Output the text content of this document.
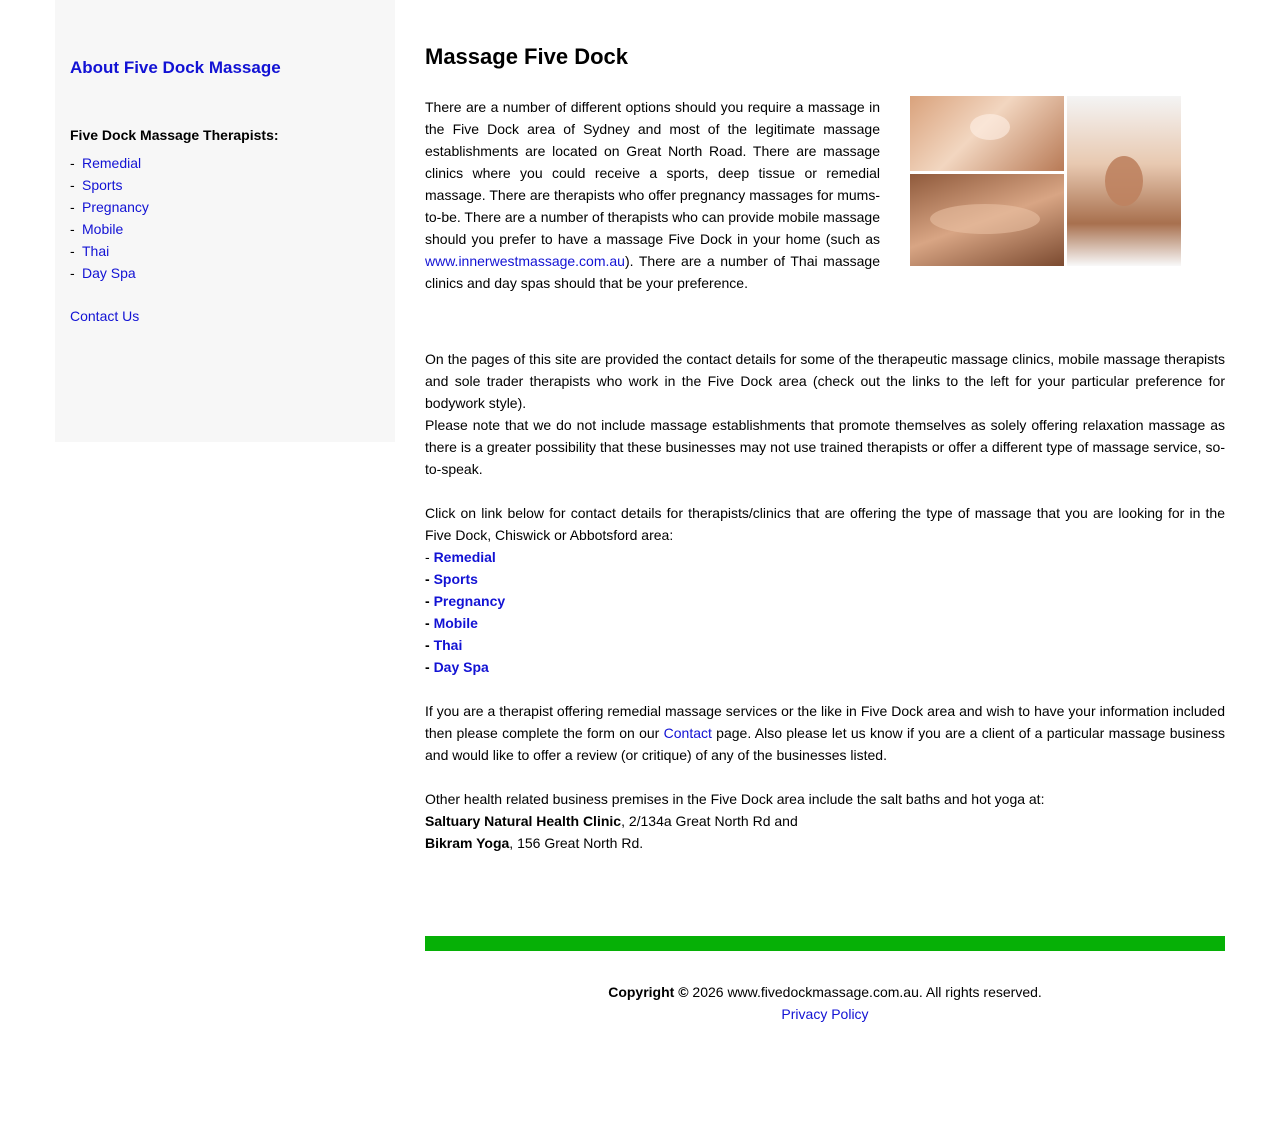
About Five Dock Massage

Five Dock Massage Therapists:

- Remedial
- Sports
- Pregnancy
- Mobile
- Thai
- Day Spa
Contact Us
Massage Five Dock

There are a number of different options should you require a massage in the Five Dock area of Sydney and most of the legitimate massage establishments are located on Great North Road. There are massage clinics where you could receive a sports, deep tissue or remedial massage. There are therapists who offer pregnancy massages for mums-to-be. There are a number of therapists who can provide mobile massage should you prefer to have a massage Five Dock in your home (such as www.innerwestmassage.com.au). There are a number of Thai massage clinics and day spas should that be your preference.

On the pages of this site are provided the contact details for some of the therapeutic massage clinics, mobile massage therapists and sole trader therapists who work in the Five Dock area (check out the links to the left for your particular preference for bodywork style).
Please note that we do not include massage establishments that promote themselves as solely offering relaxation massage as there is a greater possibility that these businesses may not use trained therapists or offer a different type of massage service, so-to-speak.
Click on link below for contact details for therapists/clinics that are offering the type of massage that you are looking for in the Five Dock, Chiswick or Abbotsford area:
- Remedial
- Sports
- Pregnancy
- Mobile
- Thai
- Day Spa

If you are a therapist offering remedial massage services or the like in Five Dock area and wish to have your information included then please complete the form on our Contact page. Also please let us know if you are a client of a particular massage business and would like to offer a review (or critique) of any of the businesses listed.

Other health related business premises in the Five Dock area include the salt baths and hot yoga at:
Saltuary Natural Health Clinic, 2/134a Great North Rd and
Bikram Yoga, 156 Great North Rd.
Copyright © 2026 www.fivedockmassage.com.au. All rights reserved.
Privacy Policy
